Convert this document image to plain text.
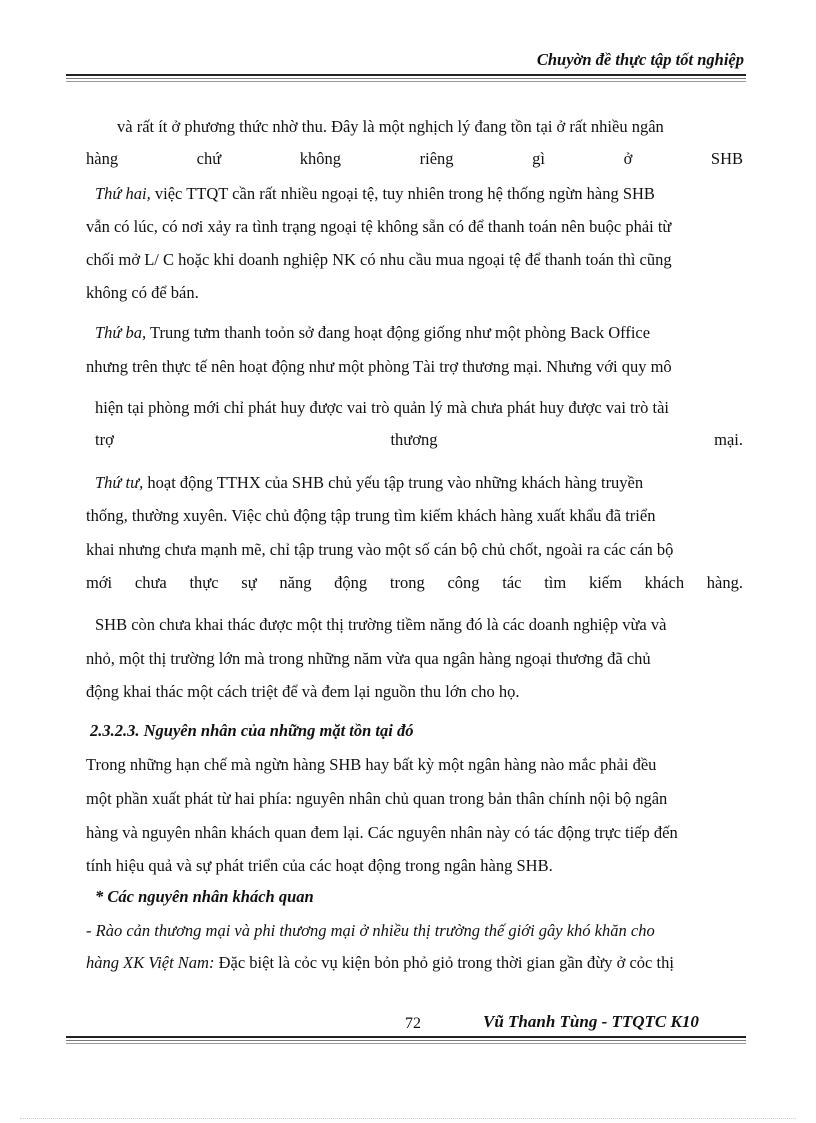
Chuyờn đề thực tập tốt nghiệp
và rất ít ở phương thức nhờ thu. Đây là một nghịch lý đang tồn tại ở rất nhiều ngân
hàng chứ không riêng gì ở SHB
Thứ hai, việc TTQT cần rất nhiều ngoại tệ, tuy nhiên trong hệ thống ngừn hàng SHB
vẫn có lúc, có nơi xảy ra tình trạng ngoại tệ không sẵn có để thanh toán nên buộc phải từ
chối mở L/ C hoặc khi doanh nghiệp NK có nhu cầu mua ngoại tệ để thanh toán thì cũng
không có để bán.
Thứ ba, Trung tưm thanh toỏn sở đang hoạt động giống như một phòng Back Office
nhưng trên thực tế nên hoạt động như một phòng Tài trợ thương mại. Nhưng với quy mô
hiện tại phòng mới chỉ phát huy được vai trò quản lý mà chưa phát huy được vai trò tài
trợ thương mại.
Thứ tư, hoạt động TTHX của SHB chủ yếu tập trung vào những khách hàng truyền
thống, thường xuyên. Việc chủ động tập trung tìm kiếm khách hàng xuất khẩu đã triển
khai nhưng chưa mạnh mẽ, chỉ tập trung vào một số cán bộ chủ chốt, ngoài ra các cán bộ
mới chưa thực sự năng động trong công tác tìm kiếm khách hàng.
SHB còn chưa khai thác được một thị trường tiềm năng đó là các doanh nghiệp vừa và
nhỏ, một thị trường lớn mà trong những năm vừa qua ngân hàng ngoại thương đã chủ
động khai thác một cách triệt để và đem lại nguồn thu lớn cho họ.
2.3.2.3. Nguyên nhân của những mặt tồn tại đó
Trong những hạn chế mà ngừn hàng SHB hay bất kỳ một ngân hàng nào mắc phải đều
một phần xuất phát từ hai phía: nguyên nhân chủ quan trong bản thân chính nội bộ ngân
hàng và nguyên nhân khách quan đem lại. Các nguyên nhân này có tác động trực tiếp đến
tính hiệu quả và sự phát triển của các hoạt động trong ngân hàng SHB.
* Các nguyên nhân khách quan
- Rào cản thương mại và phi thương mại ở nhiều thị trường thế giới gây khó khăn cho
hàng XK Việt Nam: Đặc biệt là cỏc vụ kiện bỏn phỏ giỏ trong thời gian gần đừy ở cỏc thị
72	Vũ Thanh Tùng - TTQTC K10
